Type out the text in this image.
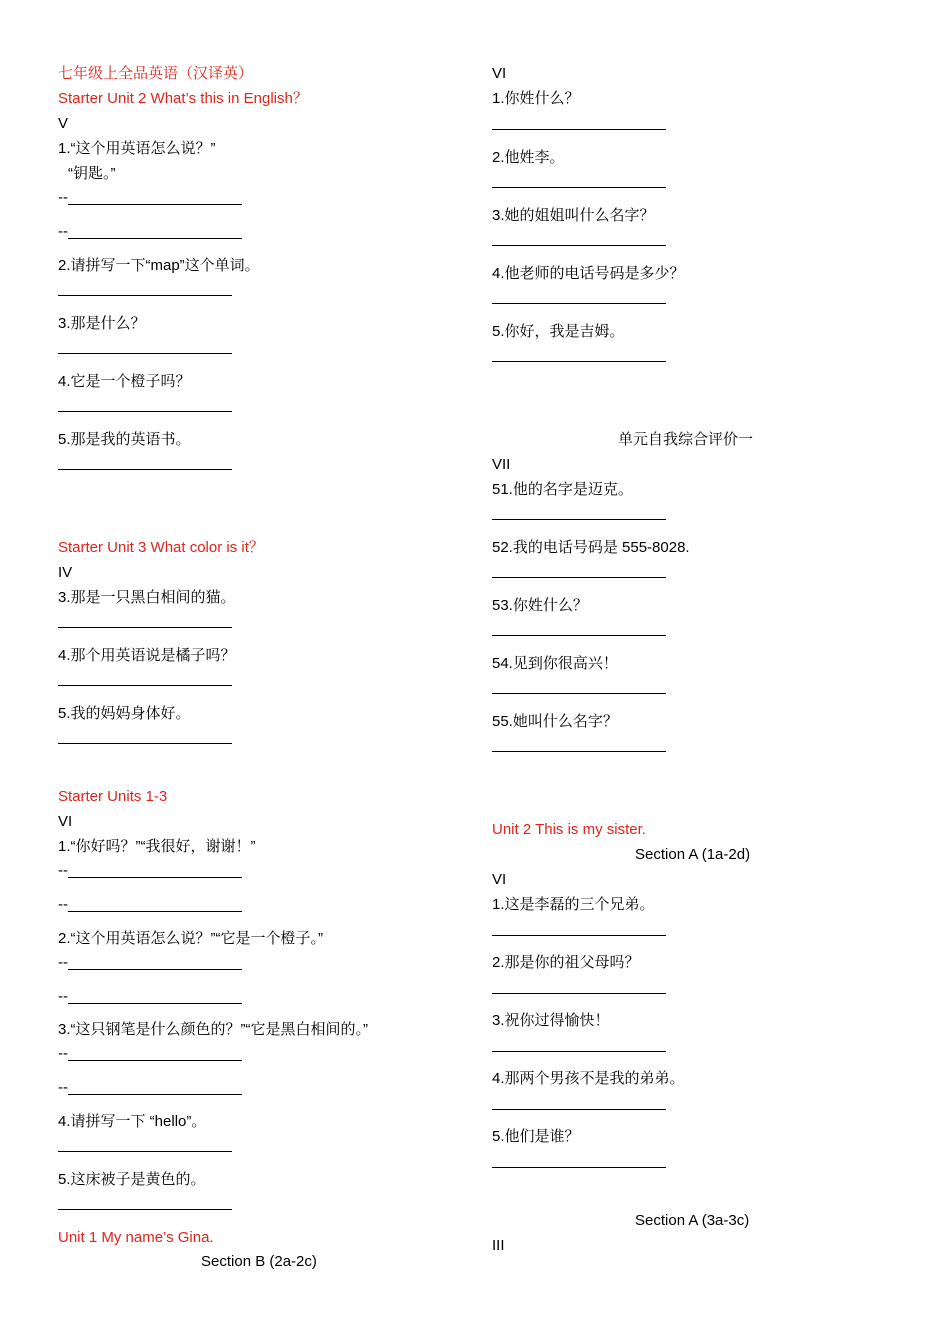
七年级上全品英语（汉译英）
Starter Unit 2 What’s this in English？
V
1.“这个用英语怎么说？”
“钥匙。”
--
--
2.请拼写一下“map”这个单词。
3.那是什么？
4.它是一个橙子吗？
5.那是我的英语书。
Starter Unit 3 What color is it？
IV
3.那是一只黑白相间的猫。
4.那个用英语说是橘子吗？
5.我的妈妈身体好。
Starter Units 1-3
VI
1.“你好吗？”“我很好，谢谢！”
--
--
2.“这个用英语怎么说？”“它是一个橙子。”
--
--
3.“这只钢笔是什么颜色的？”“它是黑白相间的。”
--
--
4.请拼写一下 “hello”。
5.这床被子是黄色的。
Unit 1 My name’s Gina.
Section B (2a-2c)
VI
1.你姓什么？
2.他姓李。
3.她的姐姐叫什么名字？
4.他老师的电话号码是多少？
5.你好，我是吉姆。
单元自我综合评价一
VII
51.他的名字是迈克。
52.我的电话号码是 555-8028.
53.你姓什么？
54.见到你很高兴！
55.她叫什么名字？
Unit 2 This is my sister.
Section A (1a-2d)
VI
1.这是李磊的三个兄弟。
2.那是你的祖父母吗？
3.祝你过得愉快！
4.那两个男孩不是我的弟弟。
5.他们是谁？
Section A (3a-3c)
III
